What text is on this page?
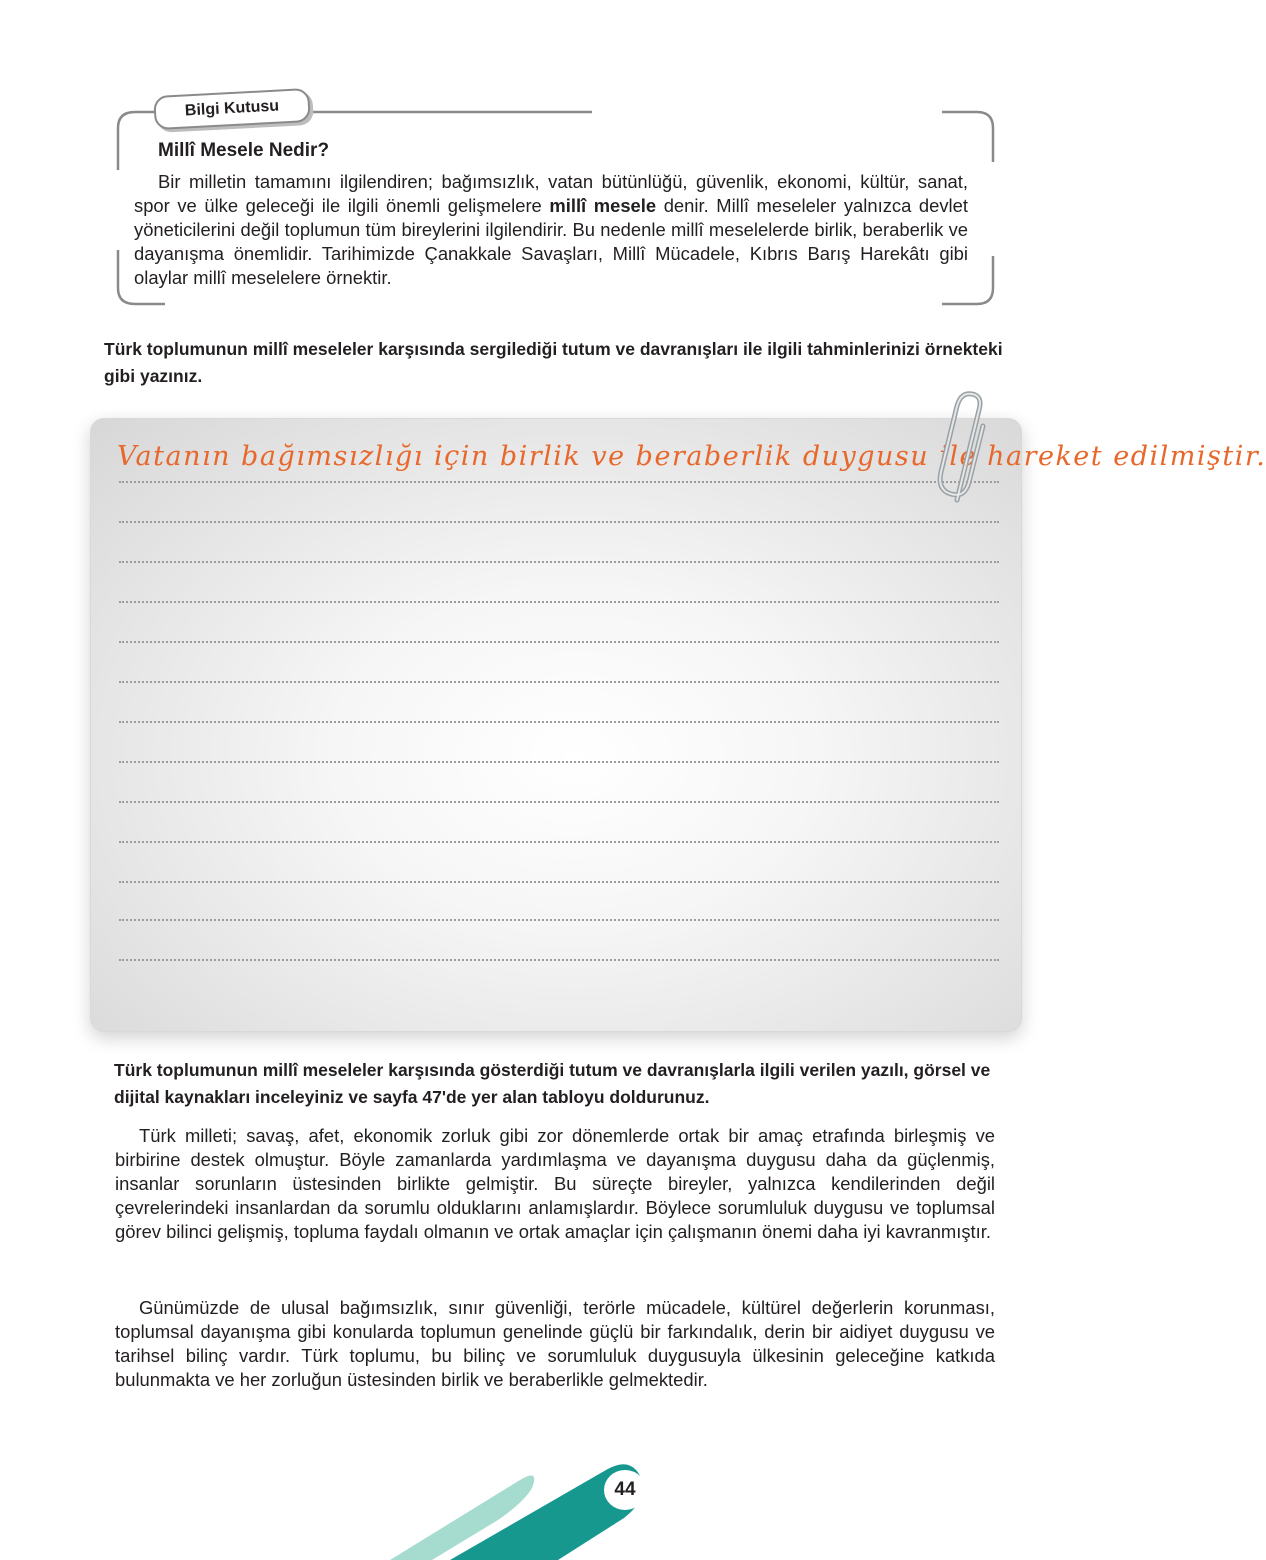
Bilgi Kutusu
Millî Mesele Nedir?

Bir milletin tamamını ilgilendiren; bağımsızlık, vatan bütünlüğü, güvenlik, ekonomi, kültür, sanat, spor ve ülke geleceği ile ilgili önemli gelişmelere millî mesele denir. Millî meseleler yalnızca devlet yöneticilerini değil toplumun tüm bireylerini ilgilendirir. Bu nedenle millî meselelerde birlik, beraberlik ve dayanışma önemlidir. Tarihimizde Çanakkale Savaşları, Millî Mücadele, Kıbrıs Barış Harekâtı gibi olaylar millî meselelere örnektir.

Türk toplumunun millî meseleler karşısında sergilediği tutum ve davranışları ile ilgili tahminlerinizi örnekteki gibi yazınız.
Vatanın bağımsızlığı için birlik ve beraberlik duygusu ile hareket edilmiştir.
Türk toplumunun millî meseleler karşısında gösterdiği tutum ve davranışlarla ilgili verilen yazılı, görsel ve dijital kaynakları inceleyiniz ve sayfa 47'de yer alan tabloyu doldurunuz.

Türk milleti; savaş, afet, ekonomik zorluk gibi zor dönemlerde ortak bir amaç etrafında birleşmiş ve birbirine destek olmuştur. Böyle zamanlarda yardımlaşma ve dayanışma duygusu daha da güçlenmiş, insanlar sorunların üstesinden birlikte gelmiştir. Bu süreçte bireyler, yalnızca kendilerinden değil çevrelerindeki insanlardan da sorumlu olduklarını anlamışlardır. Böylece sorumluluk duygusu ve toplumsal görev bilinci gelişmiş, topluma faydalı olmanın ve ortak amaçlar için çalışmanın önemi daha iyi kavranmıştır.

Günümüzde de ulusal bağımsızlık, sınır güvenliği, terörle mücadele, kültürel değerlerin korunması, toplumsal dayanışma gibi konularda toplumun genelinde güçlü bir farkındalık, derin bir aidiyet duygusu ve tarihsel bilinç vardır. Türk toplumu, bu bilinç ve sorumluluk duygusuyla ülkesinin geleceğine katkıda bulunmakta ve her zorluğun üstesinden birlik ve beraberlikle gelmektedir.

44
